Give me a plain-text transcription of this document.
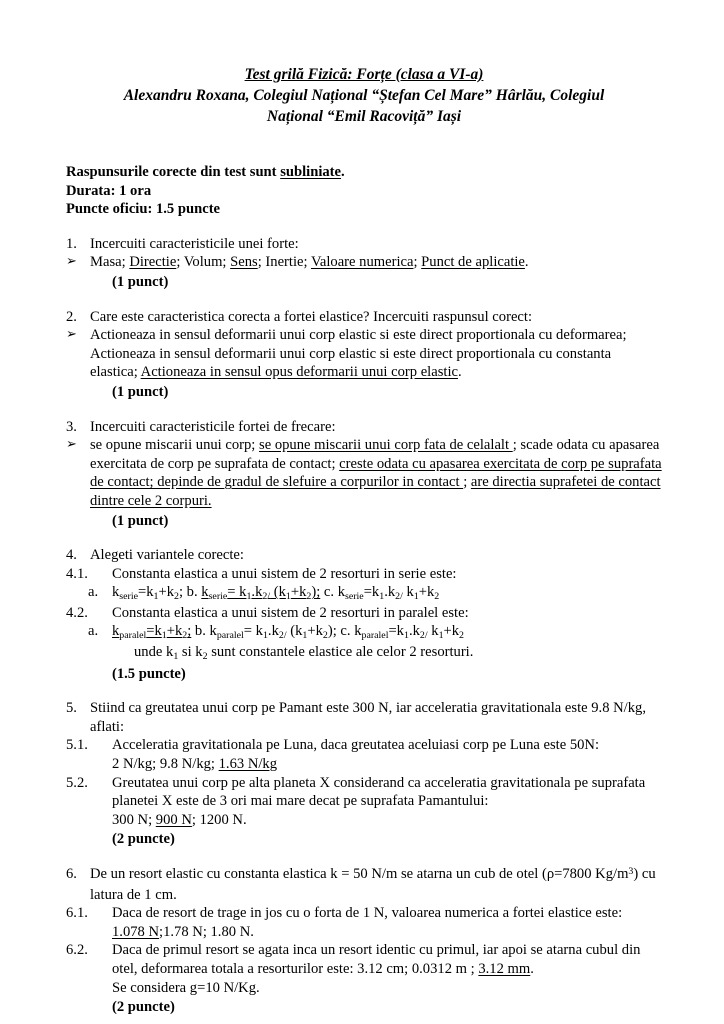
Test grilă Fizică: Forțe (clasa a VI-a)
Alexandru Roxana, Colegiul Național “Ștefan Cel Mare” Hârlău, Colegiul
Național “Emil Racoviță” Iași
Raspunsurile corecte din test sunt subliniate.
Durata: 1 ora
Puncte oficiu: 1.5 puncte
1. Incercuiti caracteristicile unei forte:
➢ Masa; Directie; Volum; Sens; Inertie; Valoare numerica; Punct de aplicatie.
(1 punct)
2. Care este caracteristica corecta a fortei elastice? Incercuiti raspunsul corect:
➢ Actioneaza in sensul deformarii unui corp elastic si este direct proportionala cu deformarea; Actioneaza in sensul deformarii unui corp elastic si este direct proportionala cu constanta elastica; Actioneaza in sensul opus deformarii unui corp elastic.
(1 punct)
3. Incercuiti caracteristicile fortei de frecare:
➢ se opune miscarii unui corp; se opune miscarii unui corp fata de celalalt ; scade odata cu apasarea exercitata de corp pe suprafata de contact; creste odata cu apasarea exercitata de corp pe suprafata de contact; depinde de gradul de slefuire a corpurilor in contact ; are directia suprafetei de contact dintre cele 2 corpuri.
(1 punct)
4. Alegeti variantele corecte:
4.1.	Constanta elastica a unui sistem de 2 resorturi in serie este:
a. $k_{serie}=k_1+k_2$; b. $k_{serie}= k_1.k_{2/}$ $(k_1+k_2)$; c. $k_{serie}=k_1.k_{2/}$ $k_1+k_2$
4.2.	Constanta elastica a unui sistem de 2 resorturi in paralel este:
a. $k_{paralel}=k_1+k_2$; b. $k_{paralel}= k_1.k_{2/}$ $(k_1+k_2)$; c. $k_{paralel}=k_1.k_{2/}$ $k_1+k_2$
unde $k_1$ si $k_2$ sunt constantele elastice ale celor 2 resorturi.
(1.5 puncte)
5. Stiind ca greutatea unui corp pe Pamant este 300 N, iar acceleratia gravitationala este 9.8 N/kg, aflati:
5.1.	Acceleratia gravitationala pe Luna, daca greutatea aceluiasi corp pe Luna este 50N:
2 N/kg; 9.8 N/kg; 1.63 N/kg
5.2.	Greutatea unui corp pe alta planeta X considerand ca acceleratia gravitationala pe suprafata planetei X este de 3 ori mai mare decat pe suprafata Pamantului:
300 N; 900 N; 1200 N.
(2 puncte)
6. De un resort elastic cu constanta elastica k = 50 N/m se atarna un cub de otel (ρ=7800 $Kg/m^3$) cu latura de 1 cm.
6.1.	Daca de resort de trage in jos cu o forta de 1 N, valoarea numerica a fortei elastice este:
1.078 N;1.78 N; 1.80 N.
6.2.	Daca de primul resort se agata inca un resort identic cu primul, iar apoi se atarna cubul din otel, deformarea totala a resorturilor este: 3.12 cm; 0.0312 m ; 3.12 mm.
Se considera g=10 N/Kg.
(2 puncte)
